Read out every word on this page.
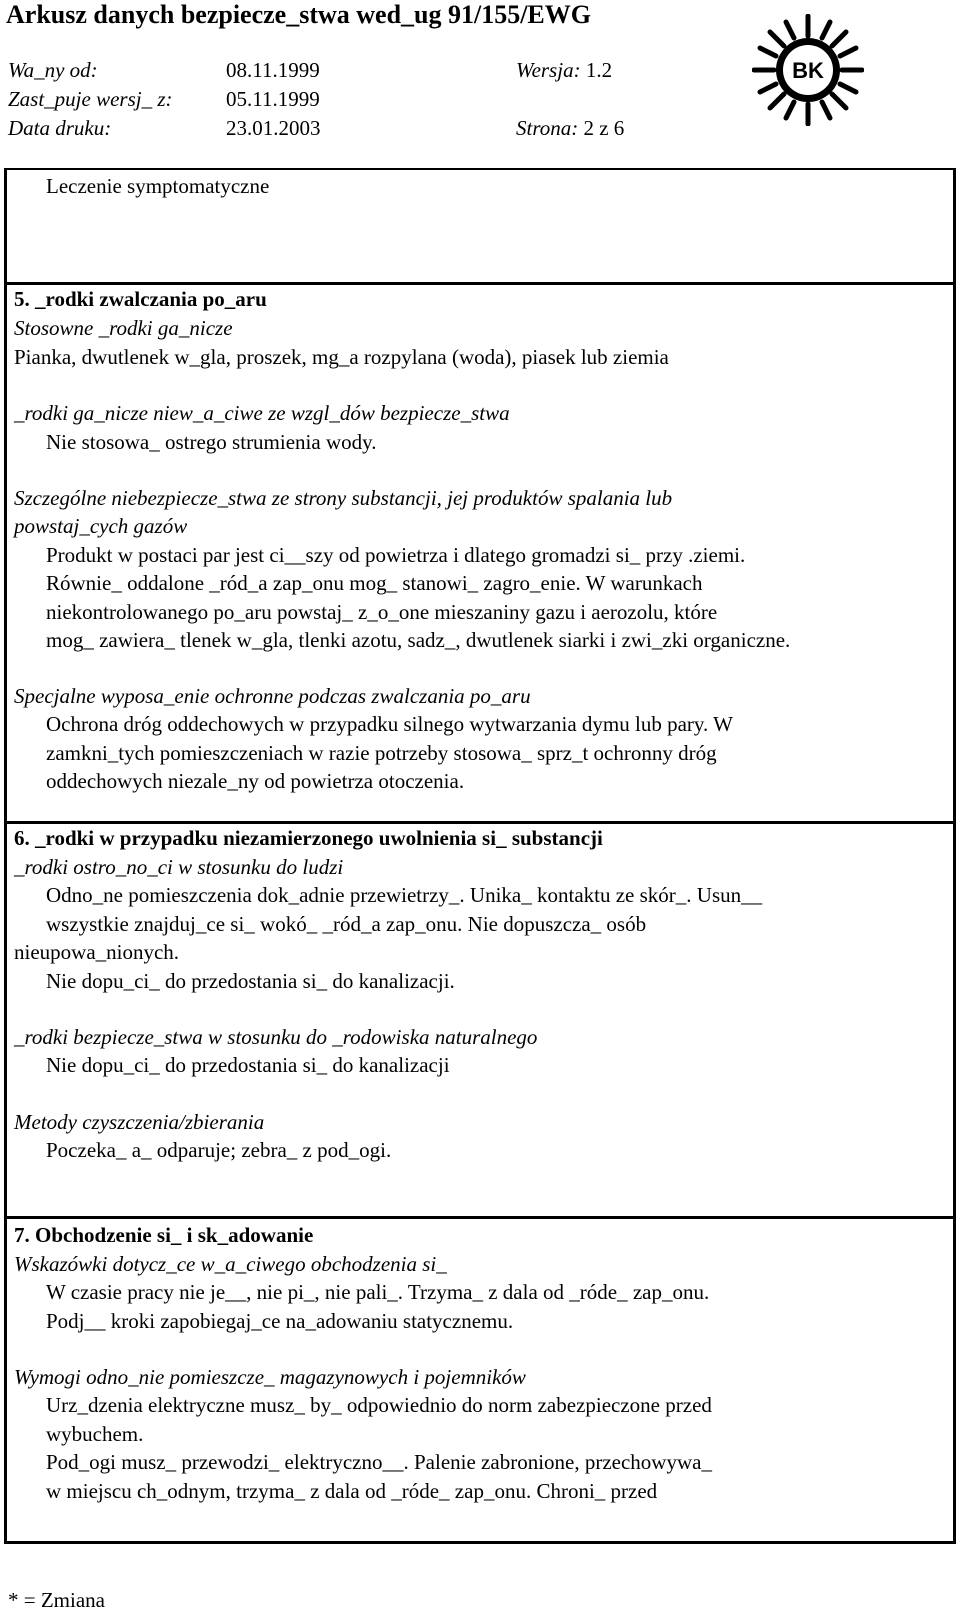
Arkusz danych bezpiecze_stwa wed_ug 91/155/EWG
Wa_ny od:	08.11.1999	Wersja: 1.2
Zast_puje wersj_ z:	05.11.1999
Data druku:	23.01.2003	Strona: 2 z 6
BK
Leczenie symptomatyczne
5. _rodki zwalczania po_aru
Stosowne _rodki ga_nicze
Pianka, dwutlenek w_gla, proszek, mg_a rozpylana (woda), piasek lub ziemia
_rodki ga_nicze niew_a_ciwe ze wzgl_dów bezpiecze_stwa
Nie stosowa_ ostrego strumienia wody.
Szczególne niebezpiecze_stwa ze strony substancji, jej produktów spalania lub
powstaj_cych gazów
Produkt w postaci par jest ci__szy od powietrza i dlatego gromadzi si_ przy .ziemi.
Równie_ oddalone _ród_a zap_onu mog_ stanowi_ zagro_enie. W warunkach
niekontrolowanego po_aru powstaj_ z_o_one mieszaniny gazu i aerozolu, które
mog_ zawiera_ tlenek w_gla, tlenki azotu, sadz_, dwutlenek siarki i zwi_zki organiczne.
Specjalne wyposa_enie ochronne podczas zwalczania po_aru
Ochrona dróg oddechowych w przypadku silnego wytwarzania dymu lub pary. W
zamkni_tych pomieszczeniach w razie potrzeby stosowa_ sprz_t ochronny dróg
oddechowych niezale_ny od powietrza otoczenia.
6. _rodki w przypadku niezamierzonego uwolnienia si_ substancji
_rodki ostro_no_ci w stosunku do ludzi
Odno_ne pomieszczenia dok_adnie przewietrzy_. Unika_ kontaktu ze skór_. Usun__
wszystkie znajduj_ce si_ wokó_ _ród_a zap_onu. Nie dopuszcza_ osób
nieupowa_nionych.
Nie dopu_ci_ do przedostania si_ do kanalizacji.
_rodki bezpiecze_stwa w stosunku do _rodowiska naturalnego
Nie dopu_ci_ do przedostania si_ do kanalizacji
Metody czyszczenia/zbierania
Poczeka_ a_ odparuje; zebra_ z pod_ogi.
7. Obchodzenie si_ i sk_adowanie
Wskazówki dotycz_ce w_a_ciwego obchodzenia si_
W czasie pracy nie je__, nie pi_, nie pali_. Trzyma_ z dala od _róde_ zap_onu.
Podj__ kroki zapobiegaj_ce na_adowaniu statycznemu.
Wymogi odno_nie pomieszcze_ magazynowych i pojemników
Urz_dzenia elektryczne musz_ by_ odpowiednio do norm zabezpieczone przed
wybuchem.
Pod_ogi musz_ przewodzi_ elektryczno__. Palenie zabronione, przechowywa_
w miejscu ch_odnym, trzyma_ z dala od _róde_ zap_onu. Chroni_ przed
* = Zmiana
